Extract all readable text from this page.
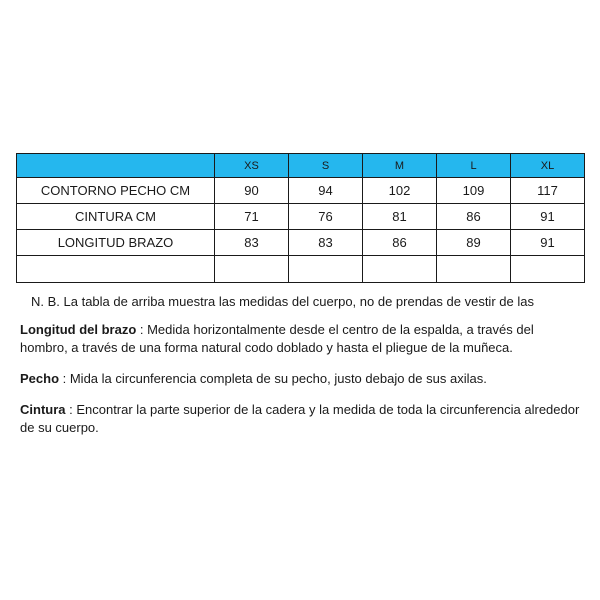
	XS	S	M	L	XL
CONTORNO PECHO CM	90	94	102	109	117
CINTURA CM	71	76	81	86	91
LONGITUD BRAZO	83	83	86	89	91

N. B. La tabla de arriba muestra las medidas del cuerpo, no de prendas de vestir de las
Longitud del brazo : Medida horizontalmente desde el centro de la espalda, a través del hombro, a través de una forma natural codo doblado y hasta el pliegue de la muñeca.
Pecho : Mida la circunferencia completa de su pecho, justo debajo de sus axilas.
Cintura : Encontrar la parte superior de la cadera y la medida de toda la circunferencia alrededor de su cuerpo.
